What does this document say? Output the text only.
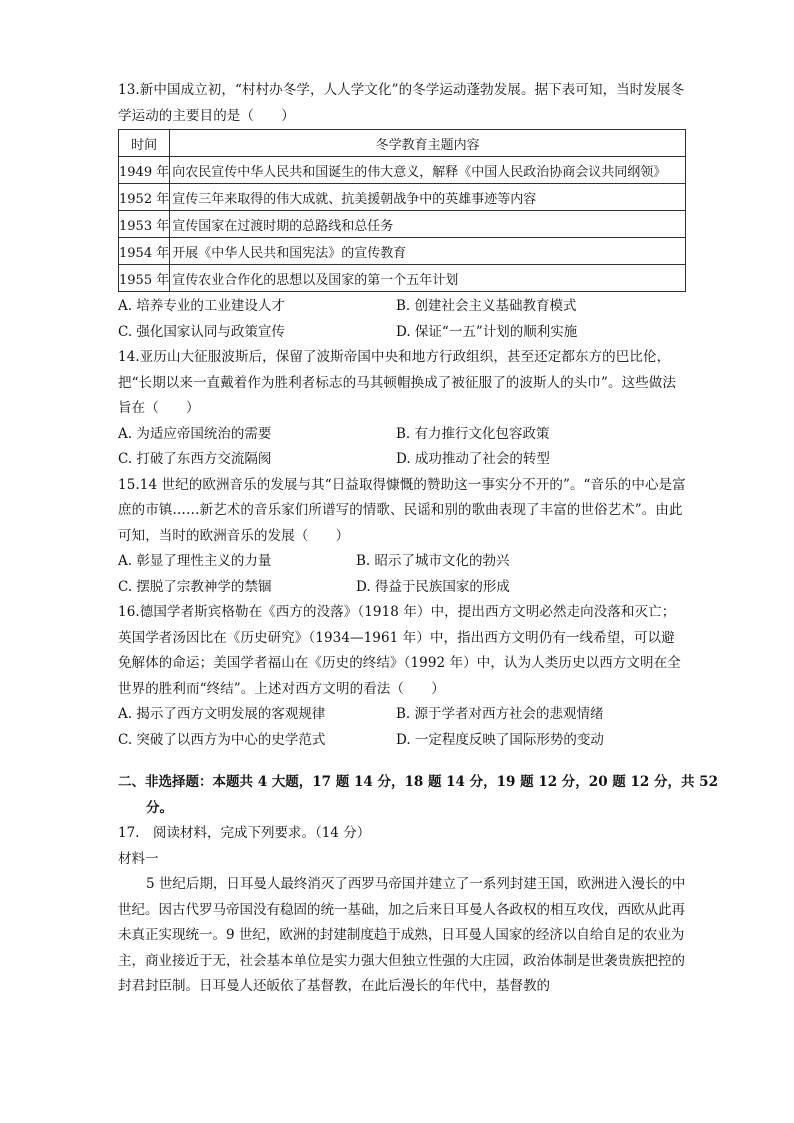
13.新中国成立初，“村村办冬学，人人学文化”的冬学运动蓬勃发展。据下表可知，当时发展冬学运动的主要目的是（　　）

时间	冬学教育主题内容
1949 年	向农民宣传中华人民共和国诞生的伟大意义，解释《中国人民政治协商会议共同纲领》
1952 年	宣传三年来取得的伟大成就、抗美援朝战争中的英雄事迹等内容
1953 年	宣传国家在过渡时期的总路线和总任务
1954 年	开展《中华人民共和国宪法》的宣传教育
1955 年	宣传农业合作化的思想以及国家的第一个五年计划
A. 培养专业的工业建设人才	B. 创建社会主义基础教育模式
C. 强化国家认同与政策宣传	D. 保证“一五”计划的顺利实施

14.亚历山大征服波斯后，保留了波斯帝国中央和地方行政组织，甚至还定都东方的巴比伦，把“长期以来一直戴着作为胜利者标志的马其顿帽换成了被征服了的波斯人的头巾”。这些做法旨在（　　）

A. 为适应帝国统治的需要	B. 有力推行文化包容政策
C. 打破了东西方交流隔阂	D. 成功推动了社会的转型

15.14 世纪的欧洲音乐的发展与其“日益取得慷慨的赞助这一事实分不开的”。“音乐的中心是富庶的市镇……新艺术的音乐家们所谱写的情歌、民谣和别的歌曲表现了丰富的世俗艺术”。由此可知，当时的欧洲音乐的发展（　　）

A. 彰显了理性主义的力量	B. 昭示了城市文化的勃兴
C. 摆脱了宗教神学的禁锢	D. 得益于民族国家的形成

16.德国学者斯宾格勒在《西方的没落》（1918 年）中，提出西方文明必然走向没落和灭亡；英国学者汤因比在《历史研究》（1934—1961 年）中，指出西方文明仍有一线希望，可以避免解体的命运；美国学者福山在《历史的终结》（1992 年）中，认为人类历史以西方文明在全世界的胜利而“终结”。上述对西方文明的看法（　　）

A. 揭示了西方文明发展的客观规律	B. 源于学者对西方社会的悲观情绪
C. 突破了以西方为中心的史学范式	D. 一定程度反映了国际形势的变动
二、非选择题：本题共 4 大题，17 题 14 分，18 题 14 分，19 题 12 分，20 题 12 分，共 52
分。
17.　阅读材料，完成下列要求。（14 分）
材料一

5 世纪后期，日耳曼人最终消灭了西罗马帝国并建立了一系列封建王国，欧洲进入漫长的中世纪。因古代罗马帝国没有稳固的统一基础，加之后来日耳曼人各政权的相互攻伐，西欧从此再未真正实现统一。9 世纪，欧洲的封建制度趋于成熟，日耳曼人国家的经济以自给自足的农业为主，商业接近于无，社会基本单位是实力强大但独立性强的大庄园，政治体制是世袭贵族把控的封君封臣制。日耳曼人还皈依了基督教，在此后漫长的年代中，基督教的
